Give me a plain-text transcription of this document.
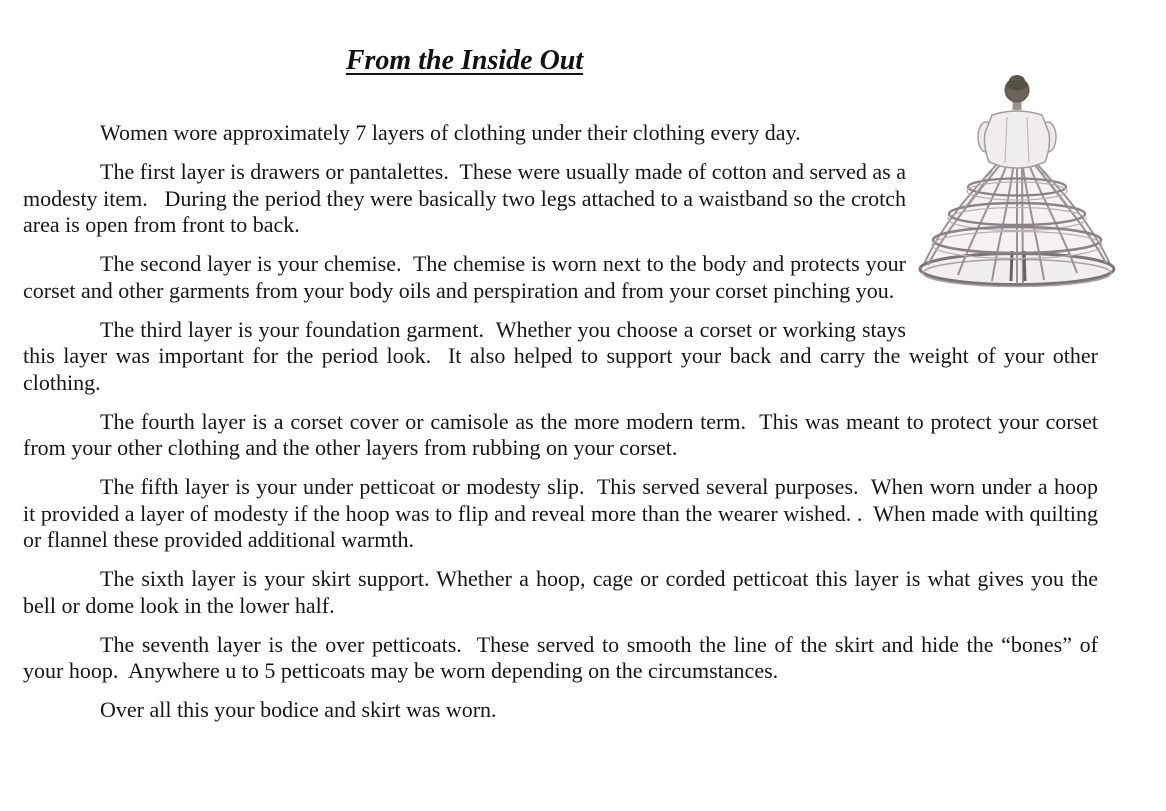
From the Inside Out

Women wore approximately 7 layers of clothing under their clothing every day.

The first layer is drawers or pantalettes.  These were usually made of cotton and served as a modesty item.   During the period they were basically two legs attached to a waistband so the crotch area is open from front to back.

The second layer is your chemise.  The chemise is worn next to the body and protects your corset and other garments from your body oils and perspiration and from your corset pinching you.

The third layer is your foundation garment.  Whether you choose a corset or working stays this layer was important for the period look.  It also helped to support your back and carry the weight of your other clothing.

The fourth layer is a corset cover or camisole as the more modern term.  This was meant to protect your corset from your other clothing and the other layers from rubbing on your corset.

The fifth layer is your under petticoat or modesty slip.  This served several purposes.  When worn under a hoop it provided a layer of modesty if the hoop was to flip and reveal more than the wearer wished. .  When made with quilting or flannel these provided additional warmth.

The sixth layer is your skirt support. Whether a hoop, cage or corded petticoat this layer is what gives you the bell or dome look in the lower half.

The seventh layer is the over petticoats.  These served to smooth the line of the skirt and hide the “bones” of your hoop.  Anywhere u to 5 petticoats may be worn depending on the circumstances.

Over all this your bodice and skirt was worn.
